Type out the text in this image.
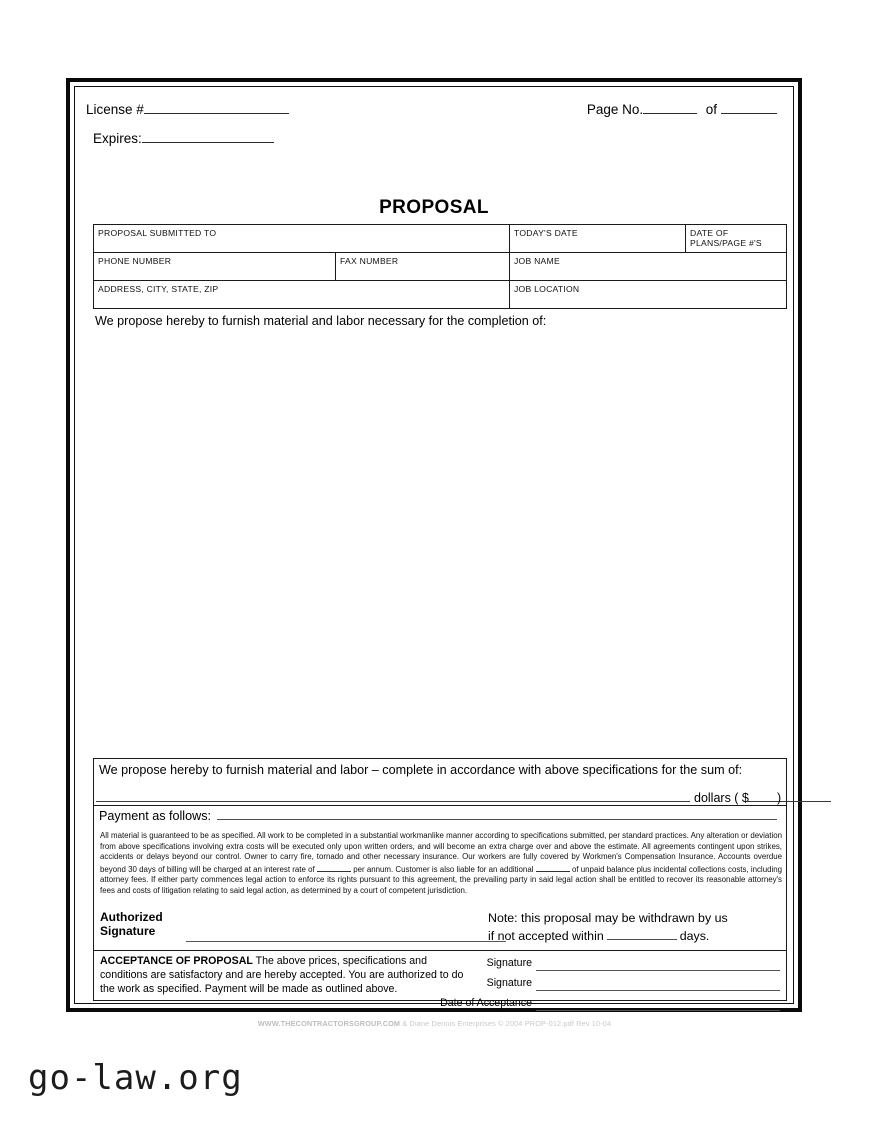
License #
Expires:
Page No.	of
PROPOSAL
PROPOSAL SUBMITTED TO	TODAY'S DATE	DATE OF PLANS/PAGE #'S
PHONE NUMBER	FAX NUMBER	JOB NAME
ADDRESS, CITY, STATE, ZIP	JOB LOCATION
We propose hereby to furnish material and labor necessary for the completion of:
We propose hereby to furnish material and labor – complete in accordance with above specifications for the sum of:
dollars ( $ )
Payment as follows:
All material is guaranteed to be as specified. All work to be completed in a substantial workmanlike manner according to specifications submitted, per standard practices. Any alteration or deviation from above specifications involving extra costs will be executed only upon written orders, and will become an extra charge over and above the estimate. All agreements contingent upon strikes, accidents or delays beyond our control. Owner to carry fire, tornado and other necessary insurance. Our workers are fully covered by Workmen's Compensation Insurance. Accounts overdue beyond 30 days of billing will be charged at an interest rate of	per annum. Customer is also liable for an additional	of unpaid balance plus incidental collections costs, including attorney fees. If either party commences legal action to enforce its rights pursuant to this agreement, the prevailing party in said legal action shall be entitled to recover its reasonable attorney's fees and costs of litigation relating to said legal action, as determined by a court of competent jurisdiction.
Authorized
Signature
Note: this proposal may be withdrawn by us
if not accepted within	days.
ACCEPTANCE OF PROPOSAL The above prices, specifications and conditions are satisfactory and are hereby accepted. You are authorized to do the work as specified. Payment will be made as outlined above.
Signature
Signature
Date of Acceptance
WWW.THECONTRACTORSGROUP.COM & Diane Dennis Enterprises © 2004 PROP-012.pdf Rev 10-04
go-law.org
